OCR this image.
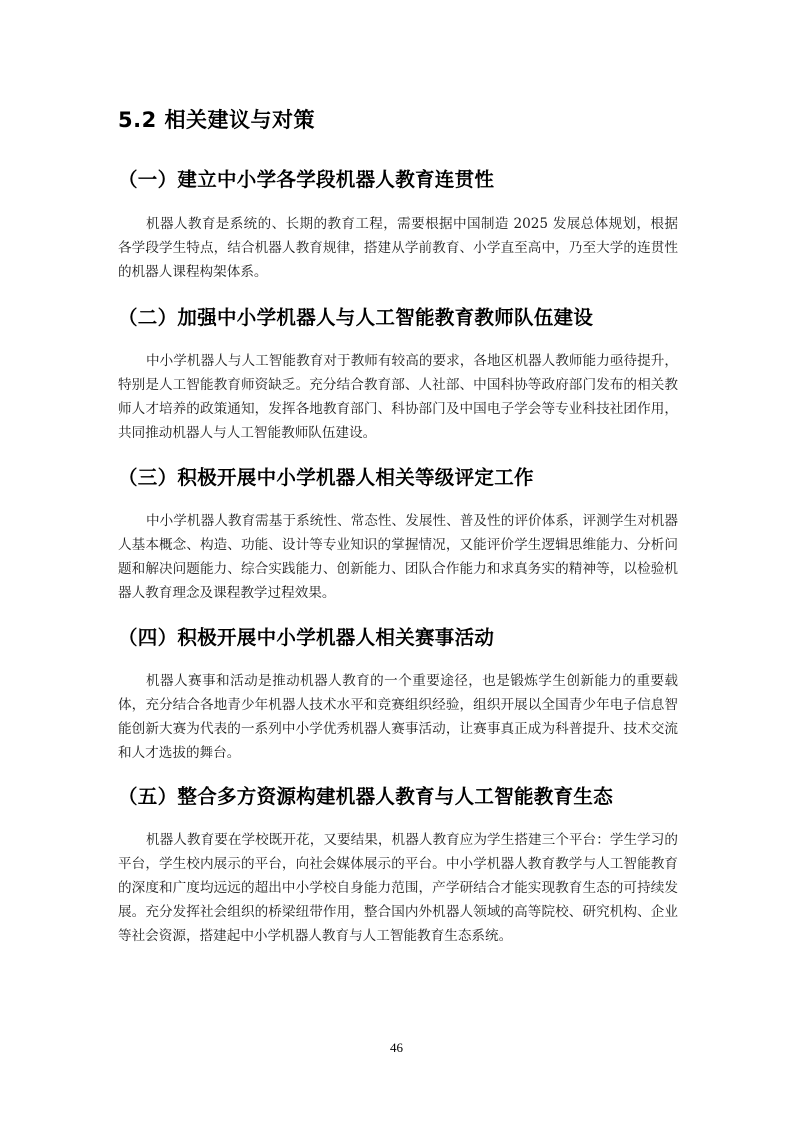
5.2 相关建议与对策
（一）建立中小学各学段机器人教育连贯性
机器人教育是系统的、长期的教育工程，需要根据中国制造 2025 发展总体规划，根据各学段学生特点，结合机器人教育规律，搭建从学前教育、小学直至高中，乃至大学的连贯性的机器人课程构架体系。
（二）加强中小学机器人与人工智能教育教师队伍建设
中小学机器人与人工智能教育对于教师有较高的要求，各地区机器人教师能力亟待提升，特别是人工智能教育师资缺乏。充分结合教育部、人社部、中国科协等政府部门发布的相关教师人才培养的政策通知，发挥各地教育部门、科协部门及中国电子学会等专业科技社团作用，共同推动机器人与人工智能教师队伍建设。
（三）积极开展中小学机器人相关等级评定工作
中小学机器人教育需基于系统性、常态性、发展性、普及性的评价体系，评测学生对机器人基本概念、构造、功能、设计等专业知识的掌握情况，又能评价学生逻辑思维能力、分析问题和解决问题能力、综合实践能力、创新能力、团队合作能力和求真务实的精神等，以检验机器人教育理念及课程教学过程效果。
（四）积极开展中小学机器人相关赛事活动
机器人赛事和活动是推动机器人教育的一个重要途径，也是锻炼学生创新能力的重要载体，充分结合各地青少年机器人技术水平和竞赛组织经验，组织开展以全国青少年电子信息智能创新大赛为代表的一系列中小学优秀机器人赛事活动，让赛事真正成为科普提升、技术交流和人才选拔的舞台。
（五）整合多方资源构建机器人教育与人工智能教育生态
机器人教育要在学校既开花，又要结果，机器人教育应为学生搭建三个平台：学生学习的平台，学生校内展示的平台，向社会媒体展示的平台。中小学机器人教育教学与人工智能教育的深度和广度均远远的超出中小学校自身能力范围，产学研结合才能实现教育生态的可持续发展。充分发挥社会组织的桥梁纽带作用，整合国内外机器人领域的高等院校、研究机构、企业等社会资源，搭建起中小学机器人教育与人工智能教育生态系统。
46
